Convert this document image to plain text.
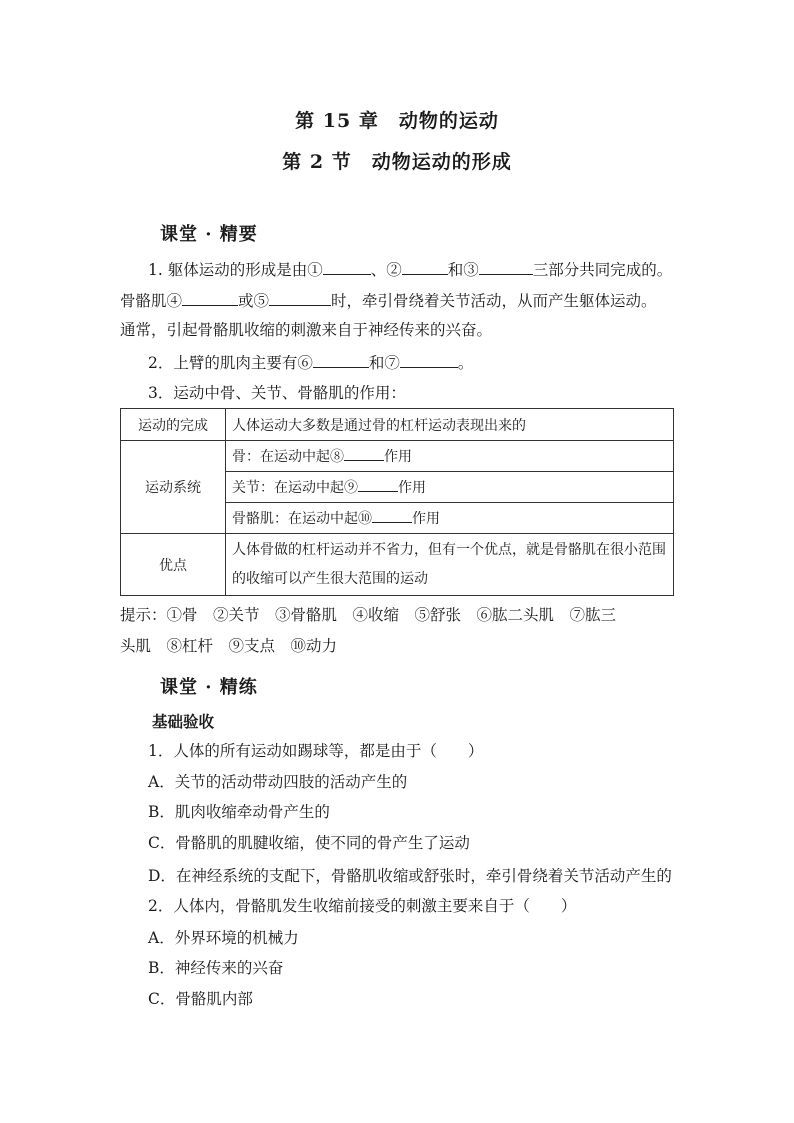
第 15 章　动物的运动
第 2 节　动物运动的形成
课堂 · 精要
1. 躯体运动的形成是由①	、②	和③	三部分共同完成的。
骨骼肌④	或⑤	时，牵引骨绕着关节活动，从而产生躯体运动。
通常，引起骨骼肌收缩的刺激来自于神经传来的兴奋。
2．上臂的肌肉主要有⑥	和⑦	。
3．运动中骨、关节、骨骼肌的作用：
运动的完成	人体运动大多数是通过骨的杠杆运动表现出来的
运动系统	骨：在运动中起⑧ 作用
	关节：在运动中起⑨ 作用
	骨骼肌：在运动中起⑩ 作用
优点	人体骨做的杠杆运动并不省力，但有一个优点，就是骨骼肌在很小范围
的收缩可以产生很大范围的运动
提示：①骨　②关节　③骨骼肌　④收缩　⑤舒张　⑥肱二头肌　⑦肱三
头肌　⑧杠杆　⑨支点　⑩动力
课堂 · 精练
基础验收
1．人体的所有运动如踢球等，都是由于（　　）
A．关节的活动带动四肢的活动产生的
B．肌肉收缩牵动骨产生的
C．骨骼肌的肌腱收缩，使不同的骨产生了运动
D．在神经系统的支配下，骨骼肌收缩或舒张时，牵引骨绕着关节活动产生的
2．人体内，骨骼肌发生收缩前接受的刺激主要来自于（　　）
A．外界环境的机械力
B．神经传来的兴奋
C．骨骼肌内部
